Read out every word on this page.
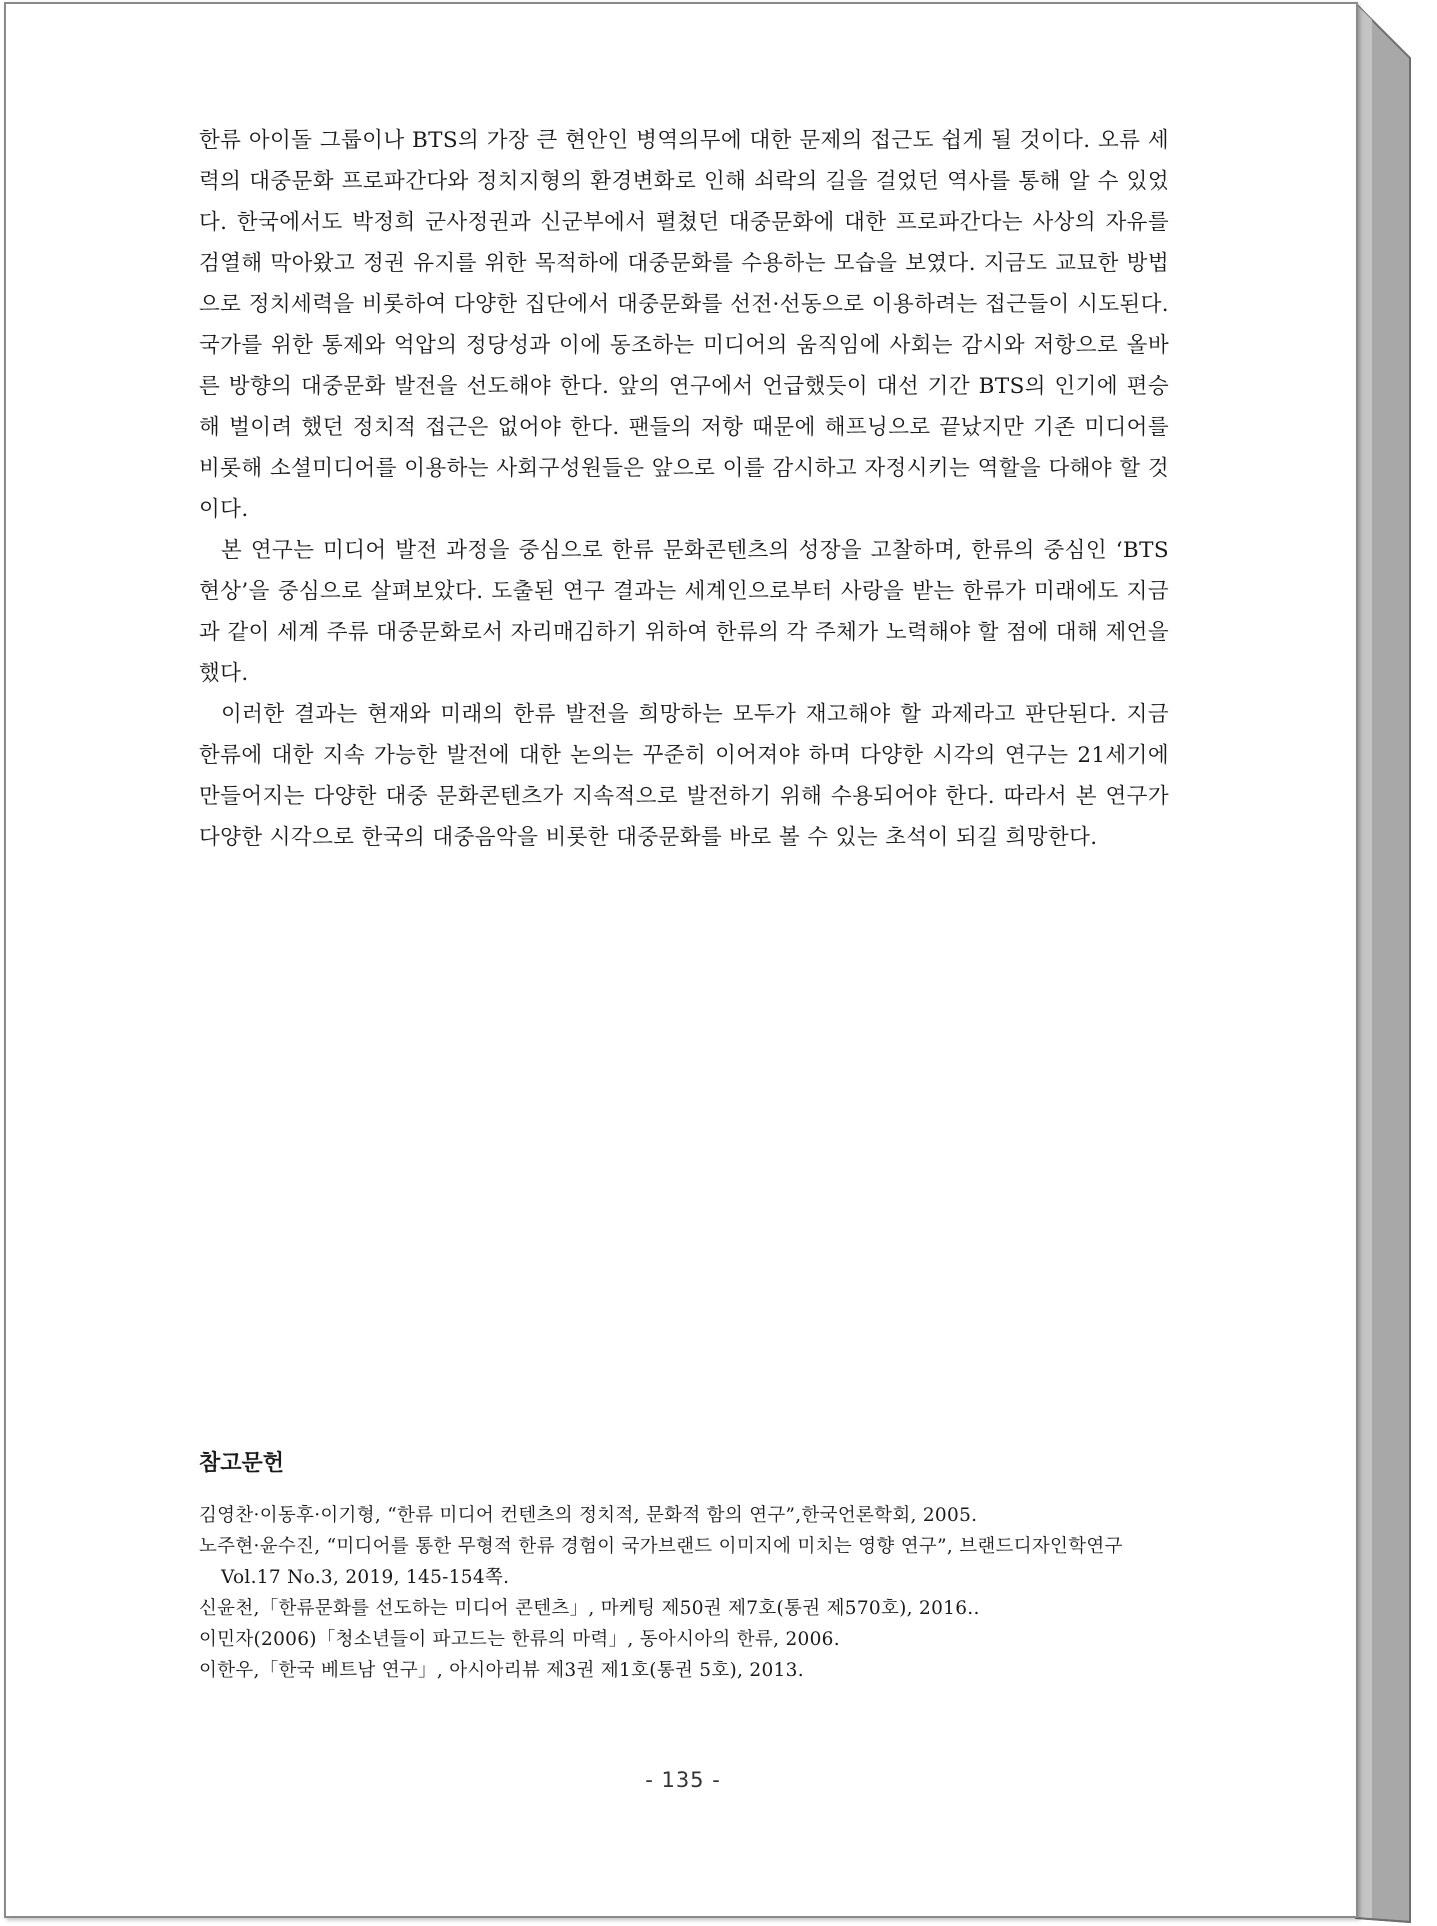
한류 아이돌 그룹이나 BTS의 가장 큰 현안인 병역의무에 대한 문제의 접근도 쉽게 될 것이다. 오류 세력의 대중문화 프로파간다와 정치지형의 환경변화로 인해 쇠락의 길을 걸었던 역사를 통해 알 수 있었다. 한국에서도 박정희 군사정권과 신군부에서 펼쳤던 대중문화에 대한 프로파간다는 사상의 자유를 검열해 막아왔고 정권 유지를 위한 목적하에 대중문화를 수용하는 모습을 보였다. 지금도 교묘한 방법으로 정치세력을 비롯하여 다양한 집단에서 대중문화를 선전·선동으로 이용하려는 접근들이 시도된다. 국가를 위한 통제와 억압의 정당성과 이에 동조하는 미디어의 움직임에 사회는 감시와 저항으로 올바른 방향의 대중문화 발전을 선도해야 한다. 앞의 연구에서 언급했듯이 대선 기간 BTS의 인기에 편승해 벌이려 했던 정치적 접근은 없어야 한다. 팬들의 저항 때문에 해프닝으로 끝났지만 기존 미디어를 비롯해 소셜미디어를 이용하는 사회구성원들은 앞으로 이를 감시하고 자정시키는 역할을 다해야 할 것이다.

본 연구는 미디어 발전 과정을 중심으로 한류 문화콘텐츠의 성장을 고찰하며, 한류의 중심인 ‘BTS 현상’을 중심으로 살펴보았다. 도출된 연구 결과는 세계인으로부터 사랑을 받는 한류가 미래에도 지금과 같이 세계 주류 대중문화로서 자리매김하기 위하여 한류의 각 주체가 노력해야 할 점에 대해 제언을 했다.

이러한 결과는 현재와 미래의 한류 발전을 희망하는 모두가 재고해야 할 과제라고 판단된다. 지금 한류에 대한 지속 가능한 발전에 대한 논의는 꾸준히 이어져야 하며 다양한 시각의 연구는 21세기에 만들어지는 다양한 대중 문화콘텐츠가 지속적으로 발전하기 위해 수용되어야 한다. 따라서 본 연구가 다양한 시각으로 한국의 대중음악을 비롯한 대중문화를 바로 볼 수 있는 초석이 되길 희망한다.

참고문헌
김영찬·이동후·이기형, “한류 미디어 컨텐츠의 정치적, 문화적 함의 연구”,한국언론학회, 2005.
노주현·윤수진, “미디어를 통한 무형적 한류 경험이 국가브랜드 이미지에 미치는 영향 연구”, 브랜드디자인학연구 Vol.17 No.3, 2019, 145-154쪽.
신윤천,「한류문화를 선도하는 미디어 콘텐츠」, 마케팅 제50권 제7호(통권 제570호), 2016..
이민자(2006)「청소년들이 파고드는 한류의 마력」, 동아시아의 한류, 2006.
이한우,「한국 베트남 연구」, 아시아리뷰 제3권 제1호(통권 5호), 2013.
- 135 -
